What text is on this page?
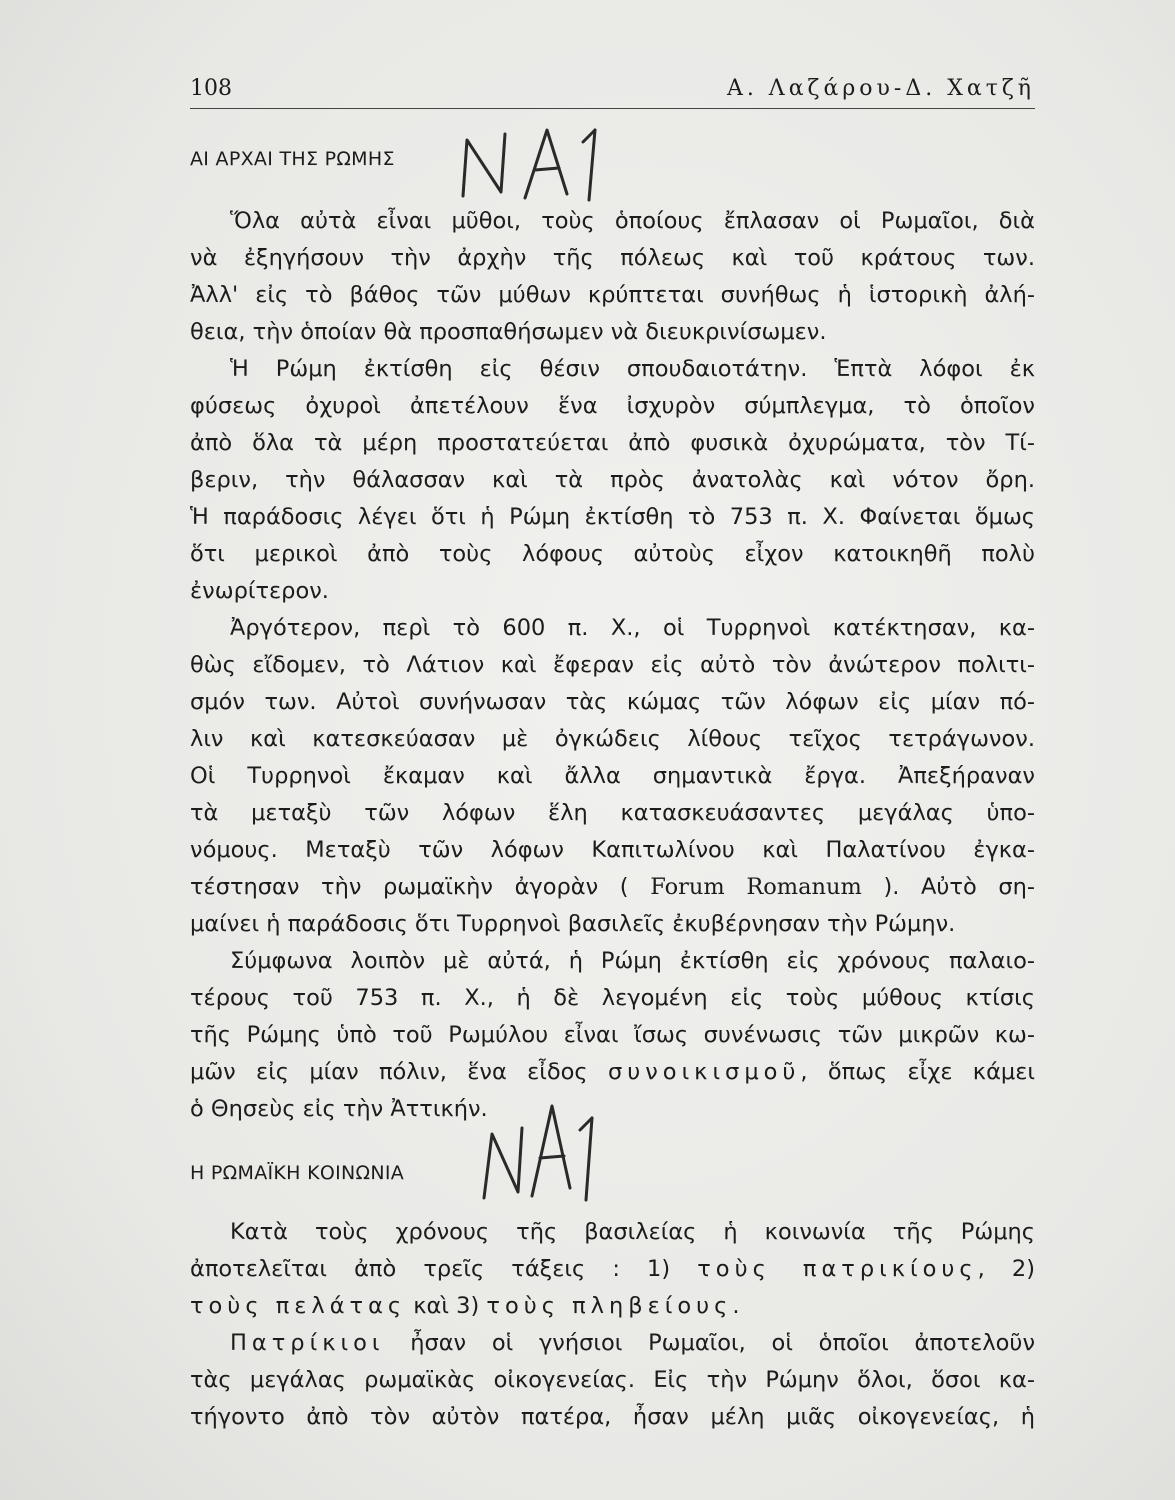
108	Α. Λαζάρου-Δ. Χατζῆ
ΑΙ ΑΡΧΑΙ ΤΗΣ ΡΩΜΗΣ
Ὅλα αὐτὰ εἶναι μῦθοι, τοὺς ὁποίους ἔπλασαν οἱ Ρωμαῖοι, διὰ
νὰ ἐξηγήσουν τὴν ἀρχὴν τῆς πόλεως καὶ τοῦ κράτους των.
Ἀλλ' εἰς τὸ βάθος τῶν μύθων κρύπτεται συνήθως ἡ ἱστορικὴ ἀλή-
θεια, τὴν ὁποίαν θὰ προσπαθήσωμεν νὰ διευκρινίσωμεν.
Ἡ Ρώμη ἐκτίσθη εἰς θέσιν σπουδαιοτάτην. Ἑπτὰ λόφοι ἐκ
φύσεως ὀχυροὶ ἀπετέλουν ἕνα ἰσχυρὸν σύμπλεγμα, τὸ ὁποῖον
ἀπὸ ὅλα τὰ μέρη προστατεύεται ἀπὸ φυσικὰ ὀχυρώματα, τὸν Τί-
βεριν, τὴν θάλασσαν καὶ τὰ πρὸς ἀνατολὰς καὶ νότον ὄρη.
Ἡ παράδοσις λέγει ὅτι ἡ Ρώμη ἐκτίσθη τὸ 753 π. Χ. Φαίνεται ὅμως
ὅτι μερικοὶ ἀπὸ τοὺς λόφους αὐτοὺς εἶχον κατοικηθῆ πολὺ
ἐνωρίτερον.
Ἀργότερον, περὶ τὸ 600 π. Χ., οἱ Τυρρηνοὶ κατέκτησαν, κα-
θὼς εἴδομεν, τὸ Λάτιον καὶ ἔφεραν εἰς αὐτὸ τὸν ἀνώτερον πολιτι-
σμόν των. Αὐτοὶ συνήνωσαν τὰς κώμας τῶν λόφων εἰς μίαν πό-
λιν καὶ κατεσκεύασαν μὲ ὀγκώδεις λίθους τεῖχος τετράγωνον.
Οἱ Τυρρηνοὶ ἔκαμαν καὶ ἄλλα σημαντικὰ ἔργα. Ἀπεξήραναν
τὰ μεταξὺ τῶν λόφων ἕλη κατασκευάσαντες μεγάλας ὑπο-
νόμους. Μεταξὺ τῶν λόφων Καπιτωλίνου καὶ Παλατίνου ἐγκα-
τέστησαν τὴν ρωμαϊκὴν ἀγορὰν ( Forum Romanum ). Αὐτὸ ση-
μαίνει ἡ παράδοσις ὅτι Τυρρηνοὶ βασιλεῖς ἐκυβέρνησαν τὴν Ρώμην.
Σύμφωνα λοιπὸν μὲ αὐτά, ἡ Ρώμη ἐκτίσθη εἰς χρόνους παλαιο-
τέρους τοῦ 753 π. Χ., ἡ δὲ λεγομένη εἰς τοὺς μύθους κτίσις
τῆς Ρώμης ὑπὸ τοῦ Ρωμύλου εἶναι ἴσως συνένωσις τῶν μικρῶν κω-
μῶν εἰς μίαν πόλιν, ἕνα εἶδος συνοικισμοῦ, ὅπως εἶχε κάμει
ὁ Θησεὺς εἰς τὴν Ἀττικήν.
Η ΡΩΜΑΪΚΗ ΚΟΙΝΩΝΙΑ
Κατὰ τοὺς χρόνους τῆς βασιλείας ἡ κοινωνία τῆς Ρώμης
ἀποτελεῖται ἀπὸ τρεῖς τάξεις : 1) τοὺς πατρικίους, 2)
τοὺς πελάτας καὶ 3) τοὺς πληβείους.
Πατρίκιοι ἦσαν οἱ γνήσιοι Ρωμαῖοι, οἱ ὁποῖοι ἀποτελοῦν
τὰς μεγάλας ρωμαϊκὰς οἰκογενείας. Εἰς τὴν Ρώμην ὅλοι, ὅσοι κα-
τήγοντο ἀπὸ τὸν αὐτὸν πατέρα, ἦσαν μέλη μιᾶς οἰκογενείας, ἡ
